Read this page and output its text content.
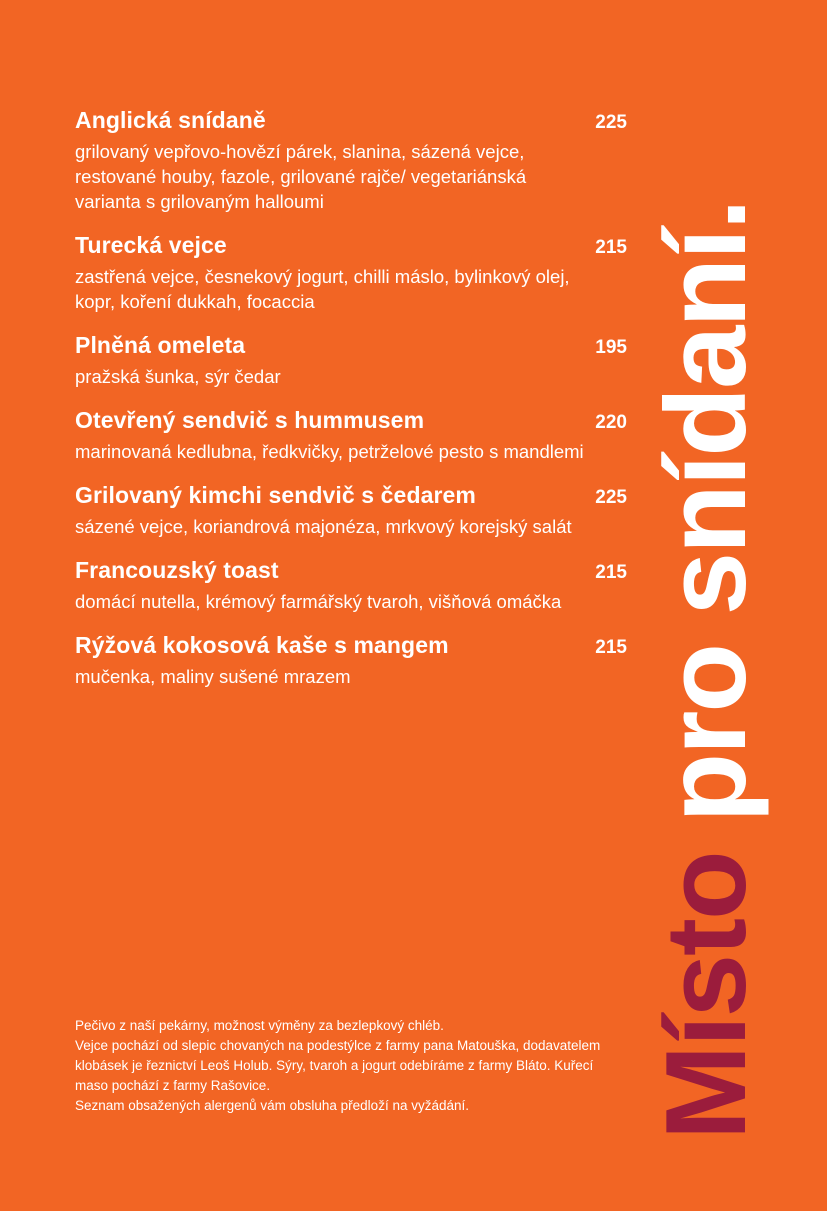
Anglická snídaně	225
grilovaný vepřovo-hovězí párek, slanina, sázená vejce, restované houby, fazole, grilované rajče/ vegetariánská varianta s grilovaným halloumi
Turecká vejce	215
zastřená vejce, česnekový jogurt, chilli máslo, bylinkový olej, kopr, koření dukkah, focaccia
Plněná omeleta	195
pražská šunka, sýr čedar
Otevřený sendvič s hummusem	220
marinovaná kedlubna, ředkvičky, petrželové pesto s mandlemi
Grilovaný kimchi sendvič s čedarem	225
sázené vejce, koriandrová majonéza, mrkvový korejský salát
Francouzský toast	215
domácí nutella, krémový farmářský tvaroh, višňová omáčka
Rýžová kokosová kaše s mangem	215
mučenka, maliny sušené mrazem

Pečivo z naší pekárny, možnost výměny za bezlepkový chléb.

Vejce pochází od slepic chovaných na podestýlce z farmy pana Matouška, dodavatelem klobásek je řeznictví Leoš Holub. Sýry, tvaroh a jogurt odebíráme z farmy Bláto. Kuřecí maso pochází z farmy Rašovice.

Seznam obsažených alergenů vám obsluha předloží na vyžádání.	Místo pro snídaní.
